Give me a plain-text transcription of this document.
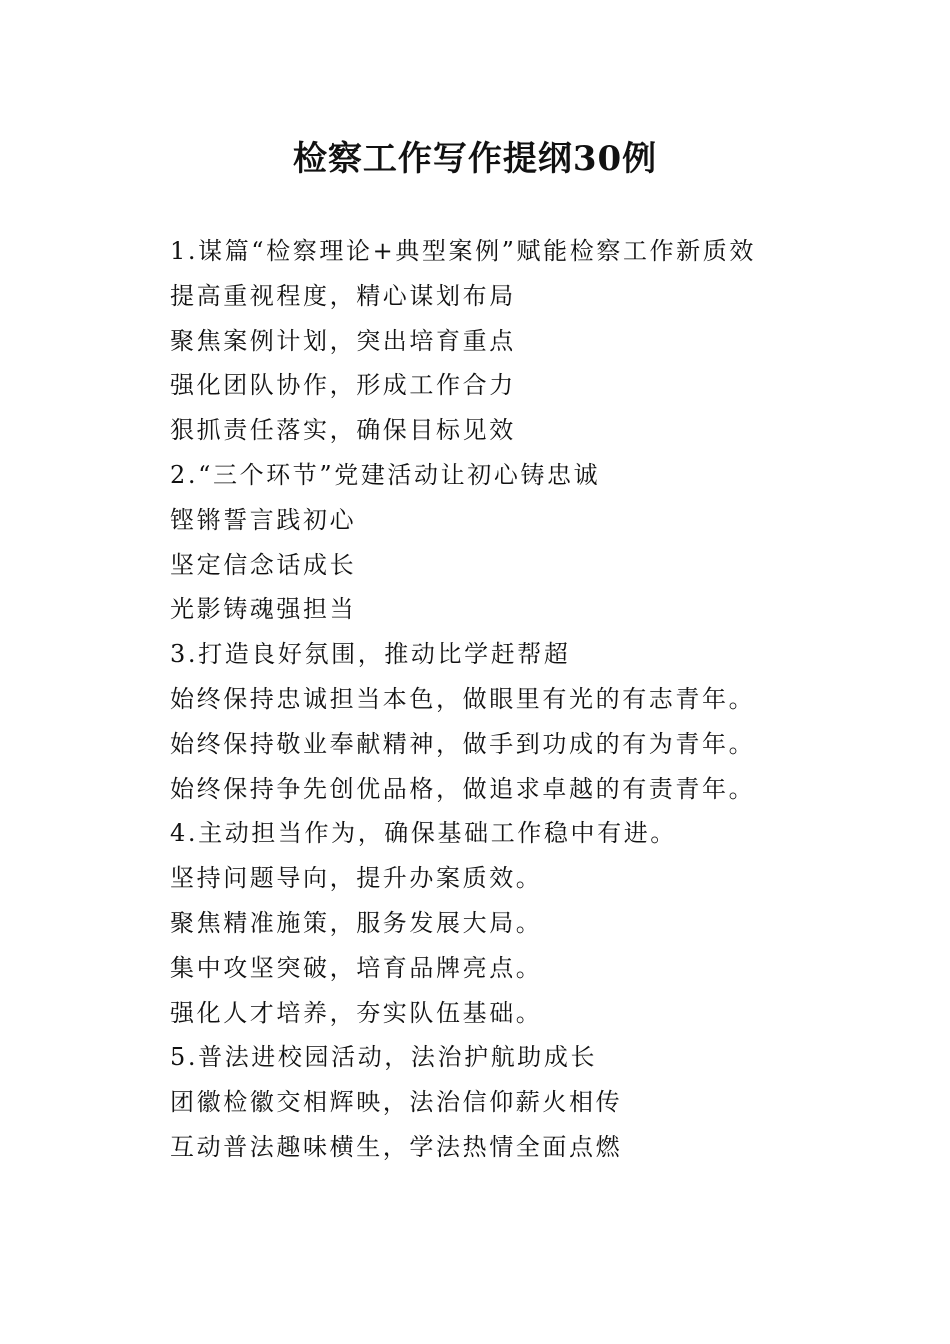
检察工作写作提纲30例
1.谋篇“检察理论+典型案例”赋能检察工作新质效
提高重视程度，精心谋划布局
聚焦案例计划，突出培育重点
强化团队协作，形成工作合力
狠抓责任落实，确保目标见效
2.“三个环节”党建活动让初心铸忠诚
铿锵誓言践初心
坚定信念话成长
光影铸魂强担当
3.打造良好氛围，推动比学赶帮超
始终保持忠诚担当本色，做眼里有光的有志青年。
始终保持敬业奉献精神，做手到功成的有为青年。
始终保持争先创优品格，做追求卓越的有责青年。
4.主动担当作为，确保基础工作稳中有进。
坚持问题导向，提升办案质效。
聚焦精准施策，服务发展大局。
集中攻坚突破，培育品牌亮点。
强化人才培养，夯实队伍基础。
5.普法进校园活动，法治护航助成长
团徽检徽交相辉映，法治信仰薪火相传
互动普法趣味横生，学法热情全面点燃
